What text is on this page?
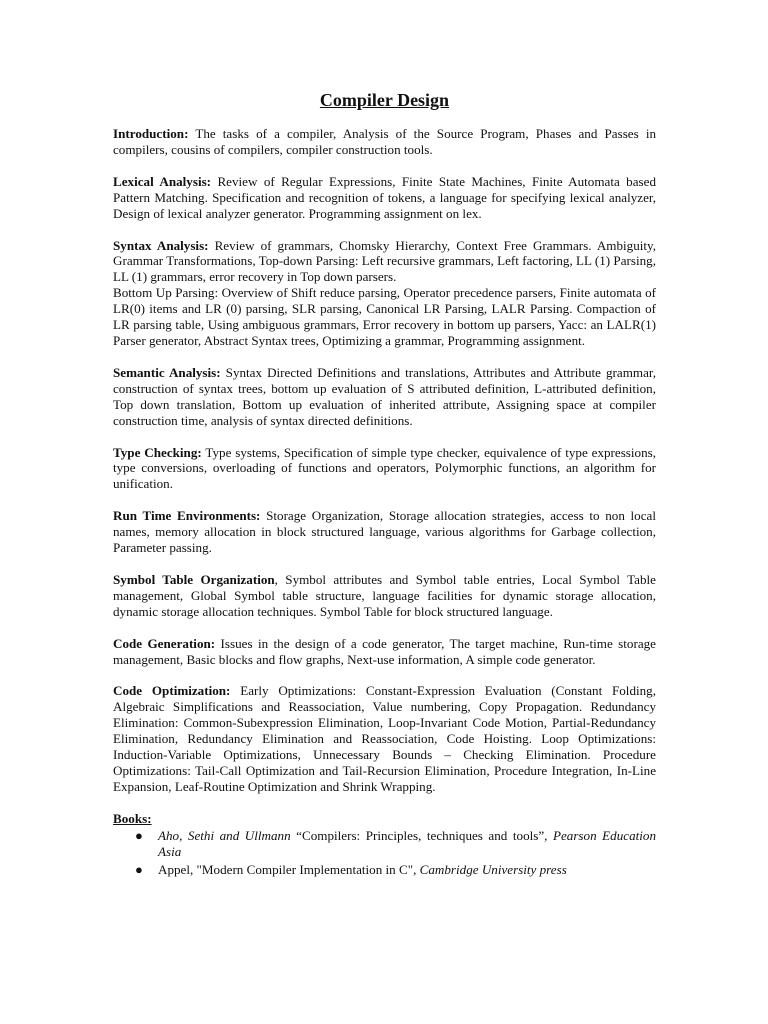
Compiler Design

Introduction: The tasks of a compiler, Analysis of the Source Program, Phases and Passes in compilers, cousins of compilers, compiler construction tools.

Lexical Analysis: Review of Regular Expressions, Finite State Machines, Finite Automata based Pattern Matching. Specification and recognition of tokens, a language for specifying lexical analyzer, Design of lexical analyzer generator. Programming assignment on lex.

Syntax Analysis: Review of grammars, Chomsky Hierarchy, Context Free Grammars. Ambiguity, Grammar Transformations, Top-down Parsing: Left recursive grammars, Left factoring, LL (1) Parsing, LL (1) grammars, error recovery in Top down parsers.

Bottom Up Parsing: Overview of Shift reduce parsing, Operator precedence parsers, Finite automata of LR(0) items and LR (0) parsing, SLR parsing, Canonical LR Parsing, LALR Parsing. Compaction of LR parsing table, Using ambiguous grammars, Error recovery in bottom up parsers, Yacc: an LALR(1) Parser generator, Abstract Syntax trees, Optimizing a grammar, Programming assignment.

Semantic Analysis: Syntax Directed Definitions and translations, Attributes and Attribute grammar, construction of syntax trees, bottom up evaluation of S attributed definition, L-attributed definition, Top down translation, Bottom up evaluation of inherited attribute, Assigning space at compiler construction time, analysis of syntax directed definitions.

Type Checking: Type systems, Specification of simple type checker, equivalence of type expressions, type conversions, overloading of functions and operators, Polymorphic functions, an algorithm for unification.

Run Time Environments: Storage Organization, Storage allocation strategies, access to non local names, memory allocation in block structured language, various algorithms for Garbage collection, Parameter passing.

Symbol Table Organization, Symbol attributes and Symbol table entries, Local Symbol Table management, Global Symbol table structure, language facilities for dynamic storage allocation, dynamic storage allocation techniques. Symbol Table for block structured language.

Code Generation: Issues in the design of a code generator, The target machine, Run-time storage management, Basic blocks and flow graphs, Next-use information, A simple code generator.

Code Optimization: Early Optimizations: Constant-Expression Evaluation (Constant Folding, Algebraic Simplifications and Reassociation, Value numbering, Copy Propagation. Redundancy Elimination: Common-Subexpression Elimination, Loop-Invariant Code Motion, Partial-Redundancy Elimination, Redundancy Elimination and Reassociation, Code Hoisting. Loop Optimizations: Induction-Variable Optimizations, Unnecessary Bounds – Checking Elimination. Procedure Optimizations: Tail-Call Optimization and Tail-Recursion Elimination, Procedure Integration, In-Line Expansion, Leaf-Routine Optimization and Shrink Wrapping.

Books:
● Aho, Sethi and Ullmann “Compilers: Principles, techniques and tools”, Pearson Education Asia
● Appel, "Modern Compiler Implementation in C", Cambridge University press
